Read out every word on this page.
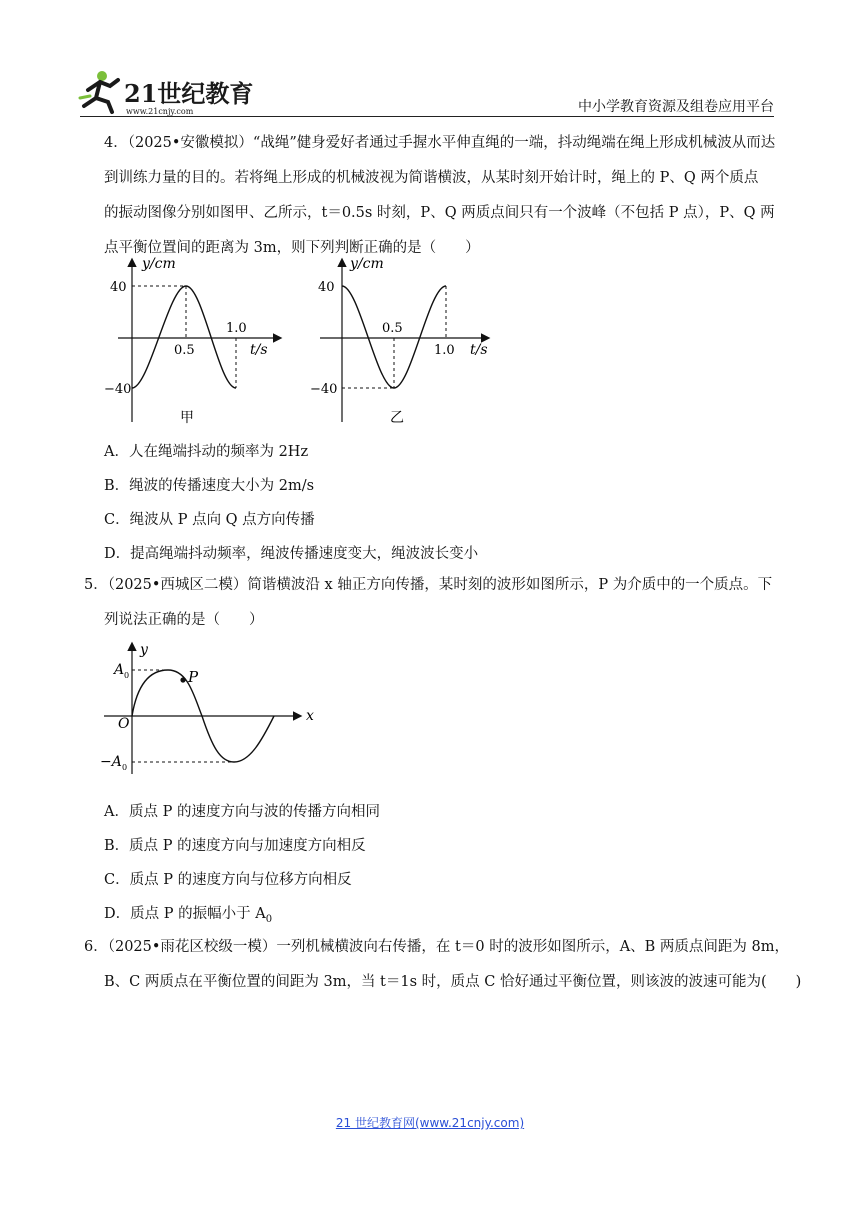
21世纪教育
www.21cnjy.com	中小学教育资源及组卷应用平台
4．（2025•安徽模拟）“战绳”健身爱好者通过手握水平伸直绳的一端，抖动绳端在绳上形成机械波从而达
到训练力量的目的。若将绳上形成的机械波视为简谐横波，从某时刻开始计时，绳上的 P、Q 两个质点
的振动图像分别如图甲、乙所示，t＝0.5s 时刻，P、Q 两质点间只有一个波峰（不包括 P 点），P、Q 两
点平衡位置间的距离为 3m，则下列判断正确的是（　　）
y/cm
40
−40
0.5
1.0
t/s
甲
y/cm
40
−40
0.5
1.0 t/s
乙
A．人在绳端抖动的频率为 2Hz
B．绳波的传播速度大小为 2m/s
C．绳波从 P 点向 Q 点方向传播
D．提高绳端抖动频率，绳波传播速度变大，绳波波长变小
5．（2025•西城区二模）简谐横波沿 x 轴正方向传播，某时刻的波形如图所示，P 为介质中的一个质点。下
列说法正确的是（　　）
P
y
x
O
A 0
−A 0
A．质点 P 的速度方向与波的传播方向相同
B．质点 P 的速度方向与加速度方向相反
C．质点 P 的速度方向与位移方向相反
D．质点 P 的振幅小于 $A_0$
6．（2025•雨花区校级一模）一列机械横波向右传播，在 t＝0 时的波形如图所示，A、B 两质点间距为 8m，
B、C 两质点在平衡位置的间距为 3m，当 t＝1s 时，质点 C 恰好通过平衡位置，则该波的波速可能为(　　)
21 世纪教育网(www.21cnjy.com)
